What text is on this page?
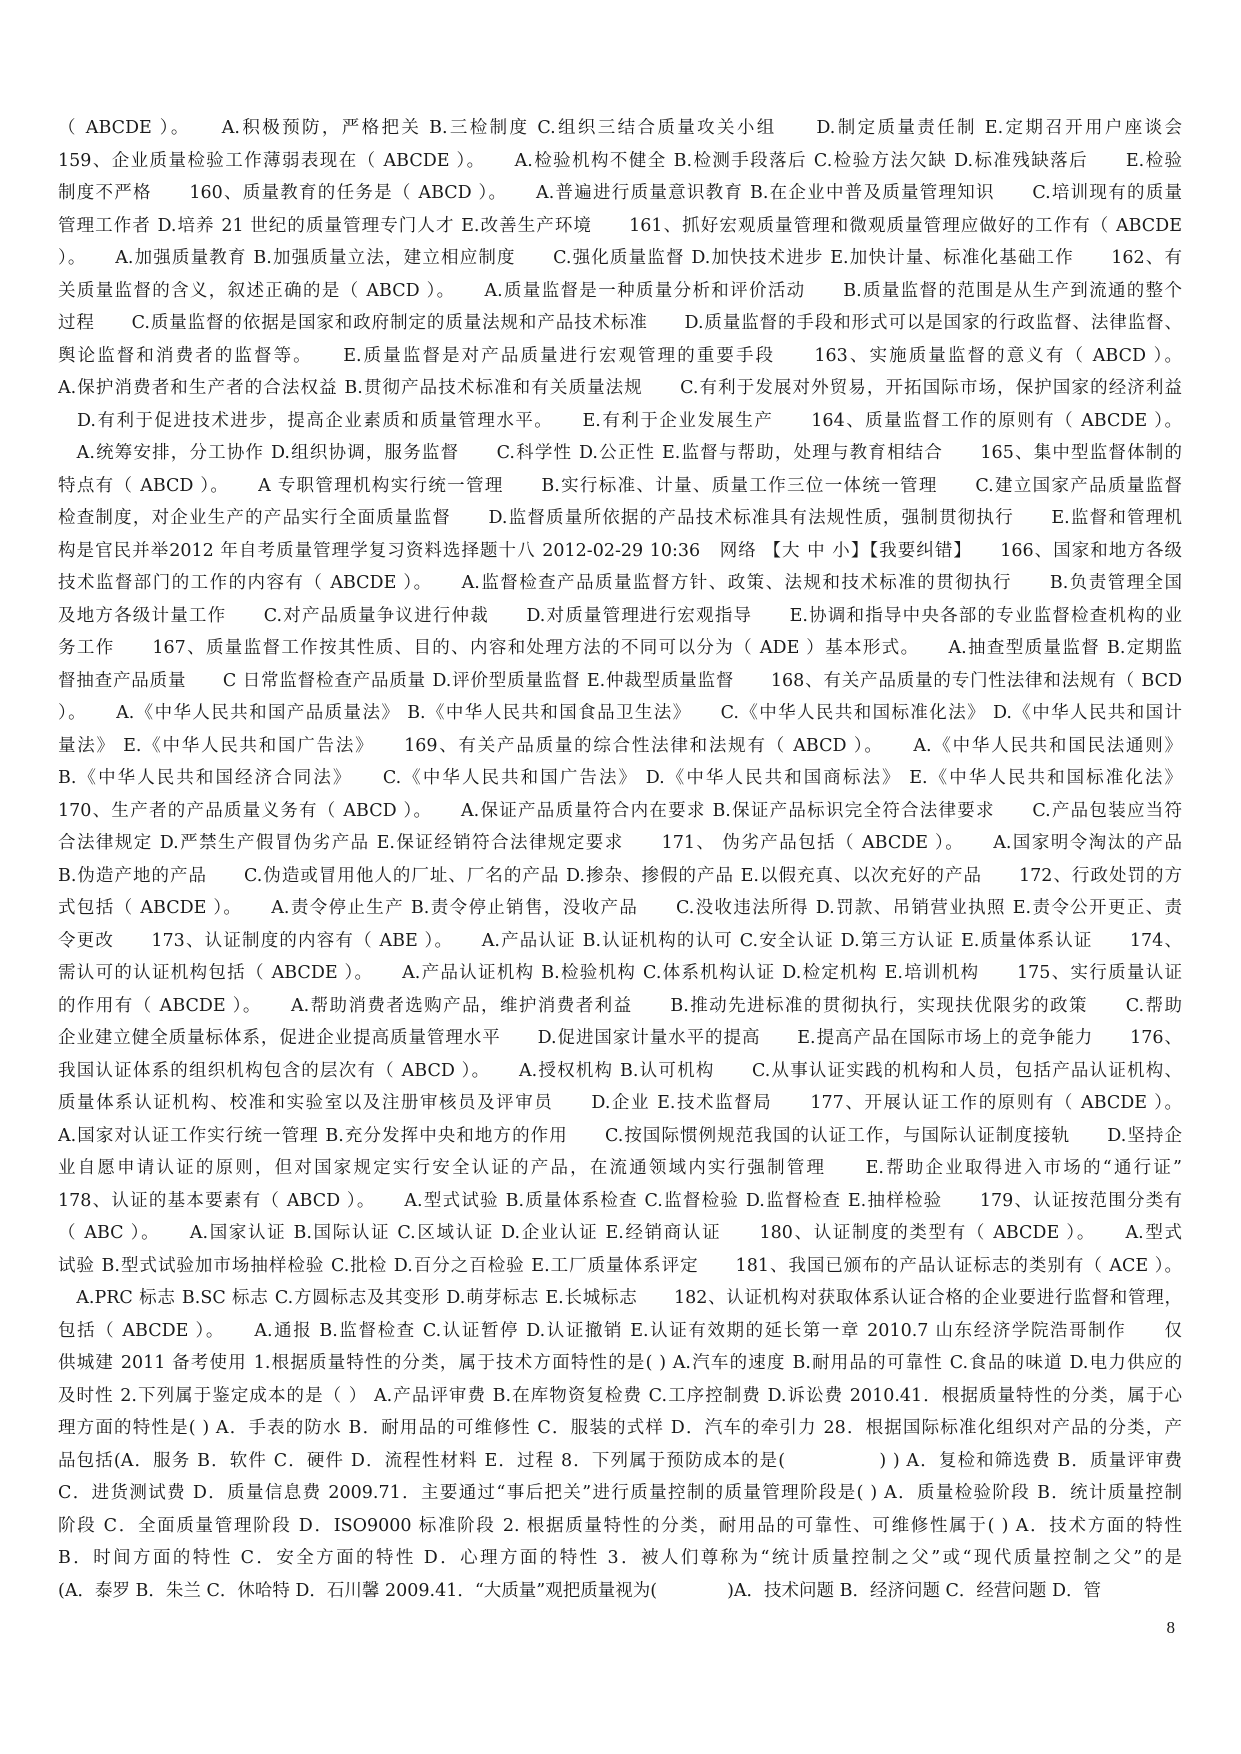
（ ABCDE ）。　　A.积极预防，严格把关 B.三检制度 C.组织三结合质量攻关小组　　D.制定质量责任制 E.定期召开用户座谈会
159、企业质量检验工作薄弱表现在（ ABCDE ）。　　A.检验机构不健全 B.检测手段落后 C.检验方法欠缺 D.标准残缺落后　　E.检验
制度不严格　　160、质量教育的任务是（ ABCD ）。　　A.普遍进行质量意识教育 B.在企业中普及质量管理知识　　C.培训现有的质量
管理工作者 D.培养 21 世纪的质量管理专门人才 E.改善生产环境　　161、抓好宏观质量管理和微观质量管理应做好的工作有（ ABCDE
）。　　A.加强质量教育 B.加强质量立法，建立相应制度　　C.强化质量监督 D.加快技术进步 E.加快计量、标准化基础工作　　162、有
关质量监督的含义，叙述正确的是（ ABCD ）。　　A.质量监督是一种质量分析和评价活动　　B.质量监督的范围是从生产到流通的整个
过程　　C.质量监督的依据是国家和政府制定的质量法规和产品技术标准　　D.质量监督的手段和形式可以是国家的行政监督、法律监督、
舆论监督和消费者的监督等。　　E.质量监督是对产品质量进行宏观管理的重要手段　　163、实施质量监督的意义有（ ABCD ）。
A.保护消费者和生产者的合法权益 B.贯彻产品技术标准和有关质量法规　　C.有利于发展对外贸易，开拓国际市场，保护国家的经济利益
　D.有利于促进技术进步，提高企业素质和质量管理水平。　　E.有利于企业发展生产　　164、质量监督工作的原则有（ ABCDE ）。
　A.统筹安排，分工协作 D.组织协调，服务监督　　C.科学性 D.公正性 E.监督与帮助，处理与教育相结合　　165、集中型监督体制的
特点有（ ABCD ）。　　A 专职管理机构实行统一管理　　B.实行标准、计量、质量工作三位一体统一管理　　C.建立国家产品质量监督
检查制度，对企业生产的产品实行全面质量监督　　D.监督质量所依据的产品技术标准具有法规性质，强制贯彻执行　　E.监督和管理机
构是官民并举2012 年自考质量管理学复习资料选择题十八 2012-02-29 10:36　网络 【大 中 小】【我要纠错】　　166、国家和地方各级
技术监督部门的工作的内容有（ ABCDE ）。　　A.监督检查产品质量监督方针、政策、法规和技术标准的贯彻执行　　B.负责管理全国
及地方各级计量工作　　C.对产品质量争议进行仲裁　　D.对质量管理进行宏观指导　　E.协调和指导中央各部的专业监督检查机构的业
务工作　　167、质量监督工作按其性质、目的、内容和处理方法的不同可以分为（ ADE ）基本形式。　　A.抽查型质量监督 B.定期监
督抽查产品质量　　C 日常监督检查产品质量 D.评价型质量监督 E.仲裁型质量监督　　168、有关产品质量的专门性法律和法规有（ BCD
）。　　A.《中华人民共和国产品质量法》 B.《中华人民共和国食品卫生法》　　C.《中华人民共和国标准化法》 D.《中华人民共和国计
量法》 E.《中华人民共和国广告法》　　169、有关产品质量的综合性法律和法规有（ ABCD ）。　　A.《中华人民共和国民法通则》
B.《中华人民共和国经济合同法》　　C.《中华人民共和国广告法》 D.《中华人民共和国商标法》 E.《中华人民共和国标准化法》
170、生产者的产品质量义务有（ ABCD ）。　　A.保证产品质量符合内在要求 B.保证产品标识完全符合法律要求　　C.产品包装应当符
合法律规定 D.严禁生产假冒伪劣产品 E.保证经销符合法律规定要求　　171、 伪劣产品包括（ ABCDE ）。　　A.国家明令淘汰的产品
B.伪造产地的产品　　C.伪造或冒用他人的厂址、厂名的产品 D.掺杂、掺假的产品 E.以假充真、以次充好的产品　　172、行政处罚的方
式包括（ ABCDE ）。　　A.责令停止生产 B.责令停止销售，没收产品　　C.没收违法所得 D.罚款、吊销营业执照 E.责令公开更正、责
令更改　　173、认证制度的内容有（ ABE ）。　　A.产品认证 B.认证机构的认可 C.安全认证 D.第三方认证 E.质量体系认证　　174、
需认可的认证机构包括（ ABCDE ）。　　A.产品认证机构 B.检验机构 C.体系机构认证 D.检定机构 E.培训机构　　175、实行质量认证
的作用有（ ABCDE ）。　　A.帮助消费者选购产品，维护消费者利益　　B.推动先进标准的贯彻执行，实现扶优限劣的政策　　C.帮助
企业建立健全质量标体系，促进企业提高质量管理水平　　D.促进国家计量水平的提高　　E.提高产品在国际市场上的竞争能力　　176、
我国认证体系的组织机构包含的层次有（ ABCD ）。　　A.授权机构 B.认可机构　　C.从事认证实践的机构和人员，包括产品认证机构、
质量体系认证机构、校准和实验室以及注册审核员及评审员　　D.企业 E.技术监督局　　177、开展认证工作的原则有（ ABCDE ）。
A.国家对认证工作实行统一管理 B.充分发挥中央和地方的作用　　C.按国际惯例规范我国的认证工作，与国际认证制度接轨　　D.坚持企
业自愿申请认证的原则，但对国家规定实行安全认证的产品，在流通领域内实行强制管理　　E.帮助企业取得进入市场的“通行证”
178、认证的基本要素有（ ABCD ）。　　A.型式试验 B.质量体系检查 C.监督检验 D.监督检查 E.抽样检验　　179、认证按范围分类有
（ ABC ）。　　A.国家认证 B.国际认证 C.区域认证 D.企业认证 E.经销商认证　　180、认证制度的类型有（ ABCDE ）。　　A.型式
试验 B.型式试验加市场抽样检验 C.批检 D.百分之百检验 E.工厂质量体系评定　　181、我国已颁布的产品认证标志的类别有（ ACE ）。
　A.PRC 标志 B.SC 标志 C.方圆标志及其变形 D.萌芽标志 E.长城标志　　182、认证机构对获取体系认证合格的企业要进行监督和管理，
包括（ ABCDE ）。　　A.通报 B.监督检查 C.认证暂停 D.认证撤销 E.认证有效期的延长第一章 2010.7 山东经济学院浩哥制作　　仅
供城建 2011 备考使用 1.根据质量特性的分类，属于技术方面特性的是( ) A.汽车的速度 B.耐用品的可靠性 C.食品的味道 D.电力供应的
及时性 2.下列属于鉴定成本的是（ ） A.产品评审费 B.在库物资复检费 C.工序控制费 D.诉讼费 2010.41．根据质量特性的分类，属于心
理方面的特性是( ) A．手表的防水 B．耐用品的可维修性 C．服装的式样 D．汽车的牵引力 28．根据国际标准化组织对产品的分类，产
品包括(A．服务 B．软件 C．硬件 D．流程性材料 E．过程 8．下列属于预防成本的是(　　　　　) ) A．复检和筛选费 B．质量评审费
C．进货测试费 D．质量信息费 2009.71．主要通过“事后把关”进行质量控制的质量管理阶段是( ) A．质量检验阶段 B．统计质量控制
阶段 C．全面质量管理阶段 D．ISO9000 标准阶段 2. 根据质量特性的分类，耐用品的可靠性、可维修性属于( ) A．技术方面的特性
B．时间方面的特性 C．安全方面的特性 D．心理方面的特性 3．被人们尊称为“统计质量控制之父”或“现代质量控制之父”的是
(A．泰罗 B．朱兰 C．休哈特 D．石川馨 2009.41．“大质量”观把质量视为(　　　　)A．技术问题 B．经济问题 C．经营问题 D．管
8
